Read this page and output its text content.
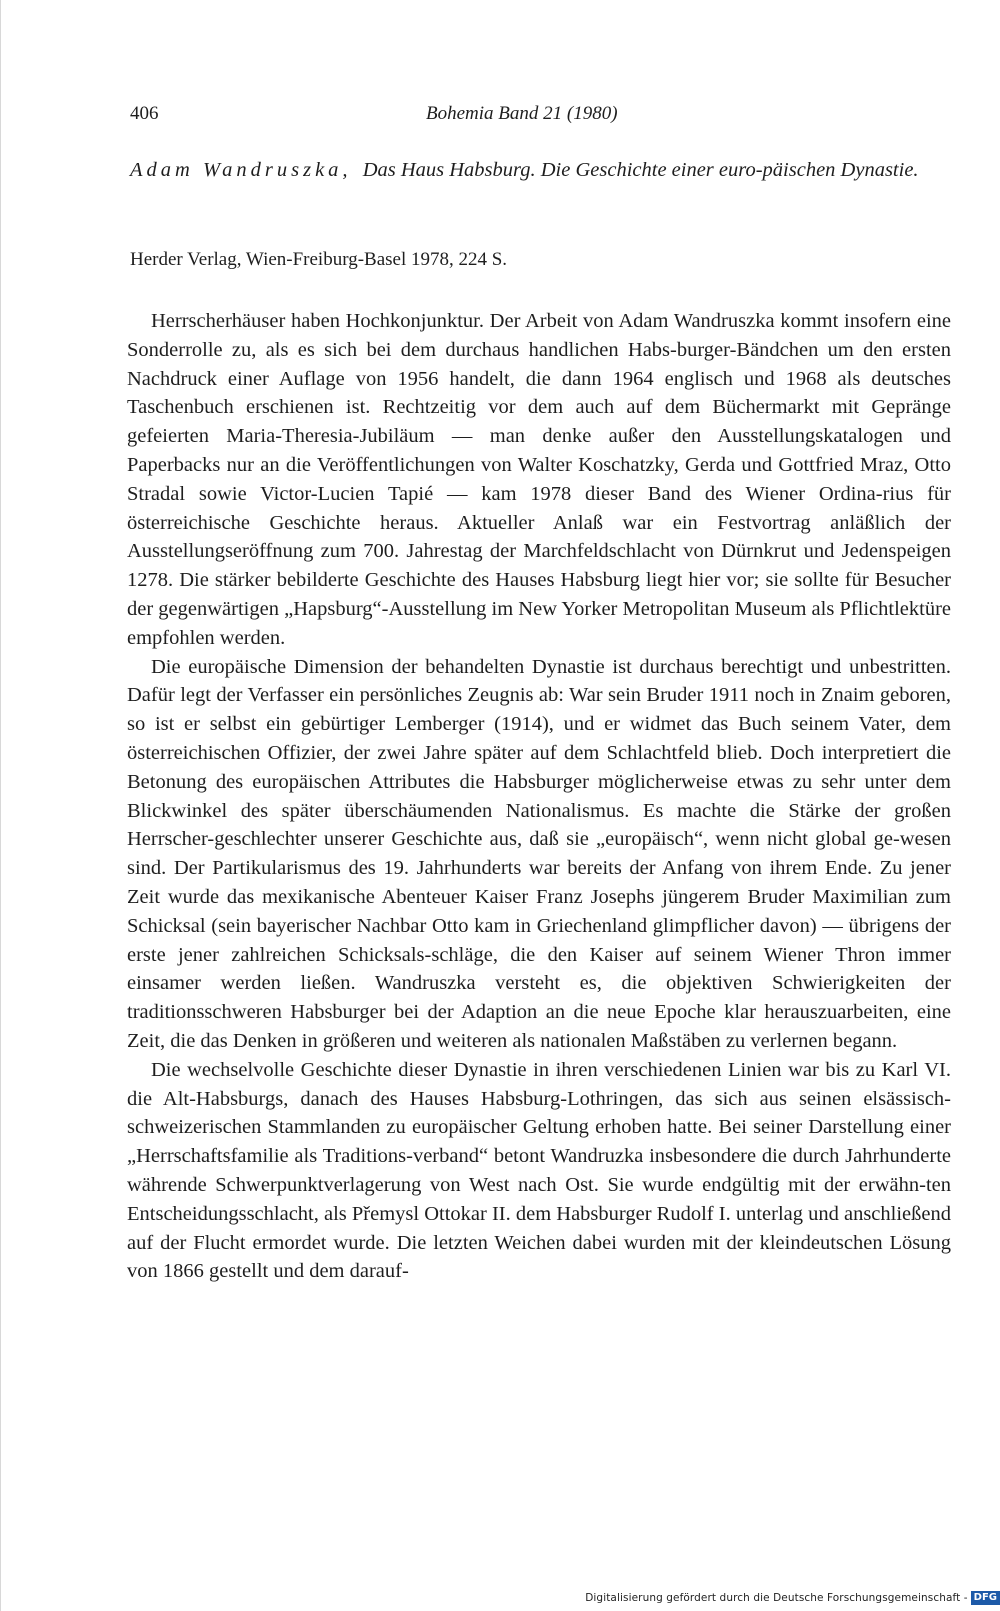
406	Bohemia Band 21 (1980)
Adam Wandruszka, Das Haus Habsburg. Die Geschichte einer euro-päischen Dynastie.
Herder Verlag, Wien-Freiburg-Basel 1978, 224 S.

Herrscherhäuser haben Hochkonjunktur. Der Arbeit von Adam Wandruszka kommt insofern eine Sonderrolle zu, als es sich bei dem durchaus handlichen Habs-burger-Bändchen um den ersten Nachdruck einer Auflage von 1956 handelt, die dann 1964 englisch und 1968 als deutsches Taschenbuch erschienen ist. Rechtzeitig vor dem auch auf dem Büchermarkt mit Gepränge gefeierten Maria-Theresia-Jubiläum — man denke außer den Ausstellungskatalogen und Paperbacks nur an die Veröffentlichungen von Walter Koschatzky, Gerda und Gottfried Mraz, Otto Stradal sowie Victor-Lucien Tapié — kam 1978 dieser Band des Wiener Ordina-rius für österreichische Geschichte heraus. Aktueller Anlaß war ein Festvortrag anläßlich der Ausstellungseröffnung zum 700. Jahrestag der Marchfeldschlacht von Dürnkrut und Jedenspeigen 1278. Die stärker bebilderte Geschichte des Hauses Habsburg liegt hier vor; sie sollte für Besucher der gegenwärtigen „Hapsburg“-Ausstellung im New Yorker Metropolitan Museum als Pflichtlektüre empfohlen werden.

Die europäische Dimension der behandelten Dynastie ist durchaus berechtigt und unbestritten. Dafür legt der Verfasser ein persönliches Zeugnis ab: War sein Bruder 1911 noch in Znaim geboren, so ist er selbst ein gebürtiger Lemberger (1914), und er widmet das Buch seinem Vater, dem österreichischen Offizier, der zwei Jahre später auf dem Schlachtfeld blieb. Doch interpretiert die Betonung des europäischen Attributes die Habsburger möglicherweise etwas zu sehr unter dem Blickwinkel des später überschäumenden Nationalismus. Es machte die Stärke der großen Herrscher-geschlechter unserer Geschichte aus, daß sie „europäisch“, wenn nicht global ge-wesen sind. Der Partikularismus des 19. Jahrhunderts war bereits der Anfang von ihrem Ende. Zu jener Zeit wurde das mexikanische Abenteuer Kaiser Franz Josephs jüngerem Bruder Maximilian zum Schicksal (sein bayerischer Nachbar Otto kam in Griechenland glimpflicher davon) — übrigens der erste jener zahlreichen Schicksals-schläge, die den Kaiser auf seinem Wiener Thron immer einsamer werden ließen. Wandruszka versteht es, die objektiven Schwierigkeiten der traditionsschweren Habsburger bei der Adaption an die neue Epoche klar herauszuarbeiten, eine Zeit, die das Denken in größeren und weiteren als nationalen Maßstäben zu verlernen begann.

Die wechselvolle Geschichte dieser Dynastie in ihren verschiedenen Linien war bis zu Karl VI. die Alt-Habsburgs, danach des Hauses Habsburg-Lothringen, das sich aus seinen elsässisch-schweizerischen Stammlanden zu europäischer Geltung erhoben hatte. Bei seiner Darstellung einer „Herrschaftsfamilie als Traditions-verband“ betont Wandruzka insbesondere die durch Jahrhunderte währende Schwerpunktverlagerung von West nach Ost. Sie wurde endgültig mit der erwähn-ten Entscheidungsschlacht, als Přemysl Ottokar II. dem Habsburger Rudolf I. unterlag und anschließend auf der Flucht ermordet wurde. Die letzten Weichen dabei wurden mit der kleindeutschen Lösung von 1866 gestellt und dem darauf-

Digitalisierung gefördert durch die Deutsche Forschungsgemeinschaft - DFG
